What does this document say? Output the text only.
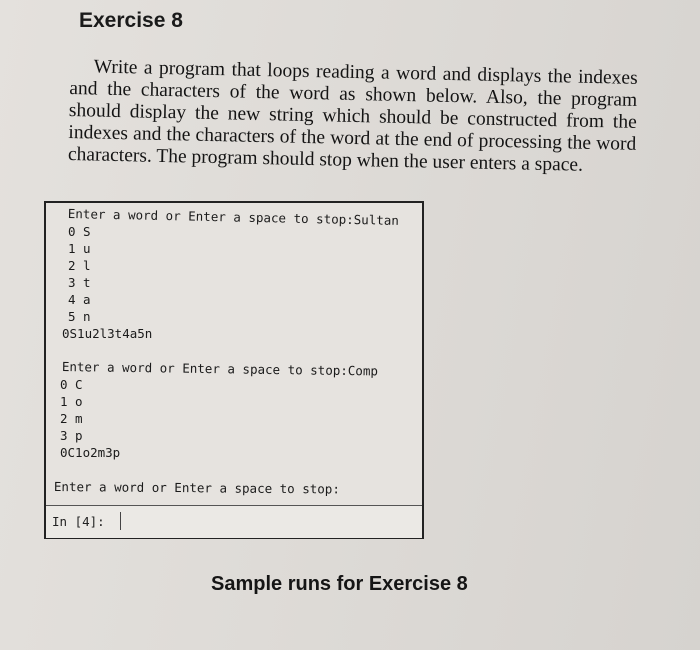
Exercise 8
Write a program that loops reading a word and displays the indexes and the characters of the word as shown below. Also, the program should display the new string which should be constructed from the indexes and the characters of the word at the end of processing the word characters. The program should stop when the user enters a space.
Enter a word or Enter a space to stop:Sultan
0 S
1 u
2 l
3 t
4 a
5 n
0S1u2l3t4a5n
Enter a word or Enter a space to stop:Comp
0 C
1 o
2 m
3 p
0C1o2m3p
Enter a word or Enter a space to stop:
In [4]:
Sample runs for Exercise 8
